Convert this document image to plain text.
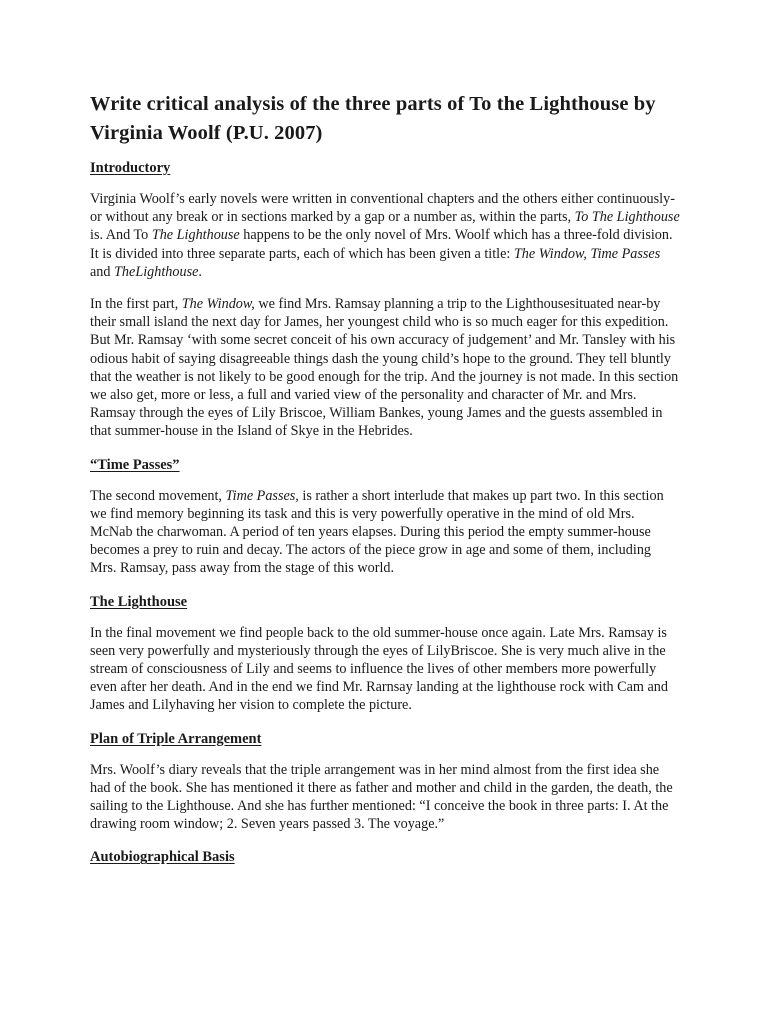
Write critical analysis of the three parts of To the Lighthouse by Virginia Woolf (P.U. 2007)
Introductory

Virginia Woolf’s early novels were written in conventional chapters and the others either continuously- or without any break or in sections marked by a gap or a number as, within the parts, To The Lighthouse is. And To The Lighthouse happens to be the only novel of Mrs. Woolf which has a three-fold division. It is divided into three separate parts, each of which has been given a title: The Window, Time Passes and TheLighthouse.

In the first part, The Window, we find Mrs. Ramsay planning a trip to the Lighthousesituated near-by their small island the next day for James, her youngest child who is so much eager for this expedition. But Mr. Ramsay ‘with some secret conceit of his own accuracy of judgement’ and Mr. Tansley with his odious habit of saying disagreeable things dash the young child’s hope to the ground. They tell bluntly that the weather is not likely to be good enough for the trip. And the journey is not made. In this section we also get, more or less, a full and varied view of the personality and character of Mr. and Mrs. Ramsay through the eyes of Lily Briscoe, William Bankes, young James and the guests assembled in that summer-house in the Island of Skye in the Hebrides.

“Time Passes”

The second movement, Time Passes, is rather a short interlude that makes up part two. In this section we find memory beginning its task and this is very powerfully operative in the mind of old Mrs. McNab the charwoman. A period of ten years elapses. During this period the empty summer-house becomes a prey to ruin and decay. The actors of the piece grow in age and some of them, including Mrs. Ramsay, pass away from the stage of this world.

The Lighthouse

In the final movement we find people back to the old summer-house once again. Late Mrs. Ramsay is seen very powerfully and mysteriously through the eyes of LilyBriscoe. She is very much alive in the stream of consciousness of Lily and seems to influence the lives of other members more powerfully even after her death. And in the end we find Mr. Rarnsay landing at the lighthouse rock with Cam and James and Lilyhaving her vision to complete the picture.

Plan of Triple Arrangement

Mrs. Woolf’s diary reveals that the triple arrangement was in her mind almost from the first idea she had of the book. She has mentioned it there as father and mother and child in the garden, the death, the sailing to the Lighthouse. And she has further mentioned: “I conceive the book in three parts: I. At the drawing room window; 2. Seven years passed 3. The voyage.”

Autobiographical Basis
